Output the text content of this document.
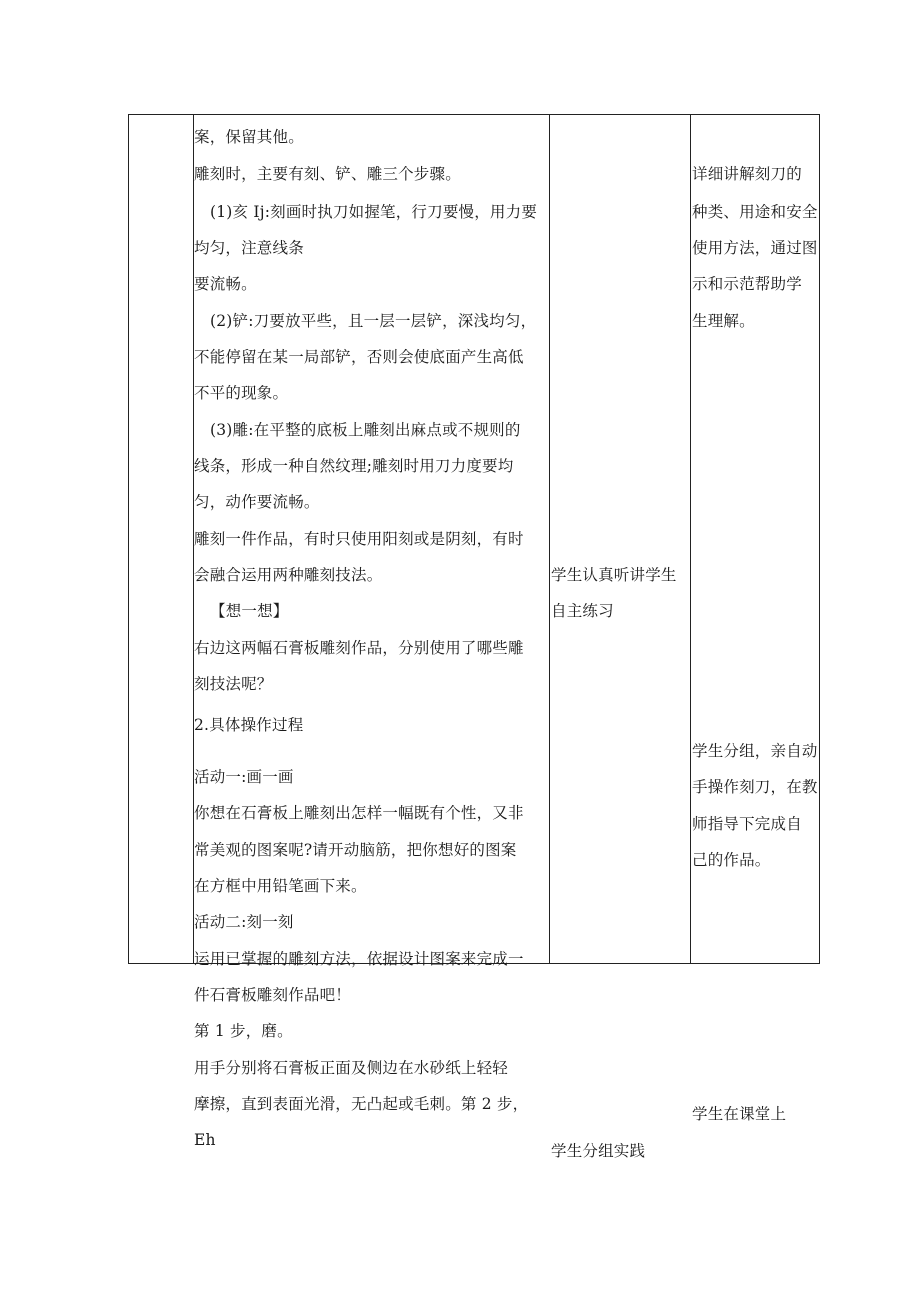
案，保留其他。
雕刻时，主要有刻、铲、雕三个步骤。
(1)亥 Ij:刻画时执刀如握笔，行刀要慢，用力要
均匀，注意线条
要流畅。
(2)铲:刀要放平些，且一层一层铲，深浅均匀，
不能停留在某一局部铲，否则会使底面产生高低
不平的现象。
(3)雕:在平整的底板上雕刻出麻点或不规则的
线条，形成一种自然纹理;雕刻时用刀力度要均
匀，动作要流畅。
雕刻一件作品，有时只使用阳刻或是阴刻，有时
会融合运用两种雕刻技法。
【想一想】
右边这两幅石膏板雕刻作品，分别使用了哪些雕
刻技法呢？
2.具体操作过程
活动一:画一画
你想在石膏板上雕刻出怎样一幅既有个性，又非
常美观的图案呢?请开动脑筋，把你想好的图案
在方框中用铅笔画下来。
活动二:刻一刻
运用已掌握的雕刻方法，依据设计图案来完成一
件石膏板雕刻作品吧！
第 1 步，磨。
用手分别将石膏板正面及侧边在水砂纸上轻轻
摩擦，直到表面光滑，无凸起或毛刺。第 2 步，
Eh
学生认真听讲学生
自主练习
学生分组实践
详细讲解刻刀的
种类、用途和安全
使用方法，通过图
示和示范帮助学
生理解。
学生分组，亲自动
手操作刻刀，在教
师指导下完成自
己的作品。
学生在课堂上
